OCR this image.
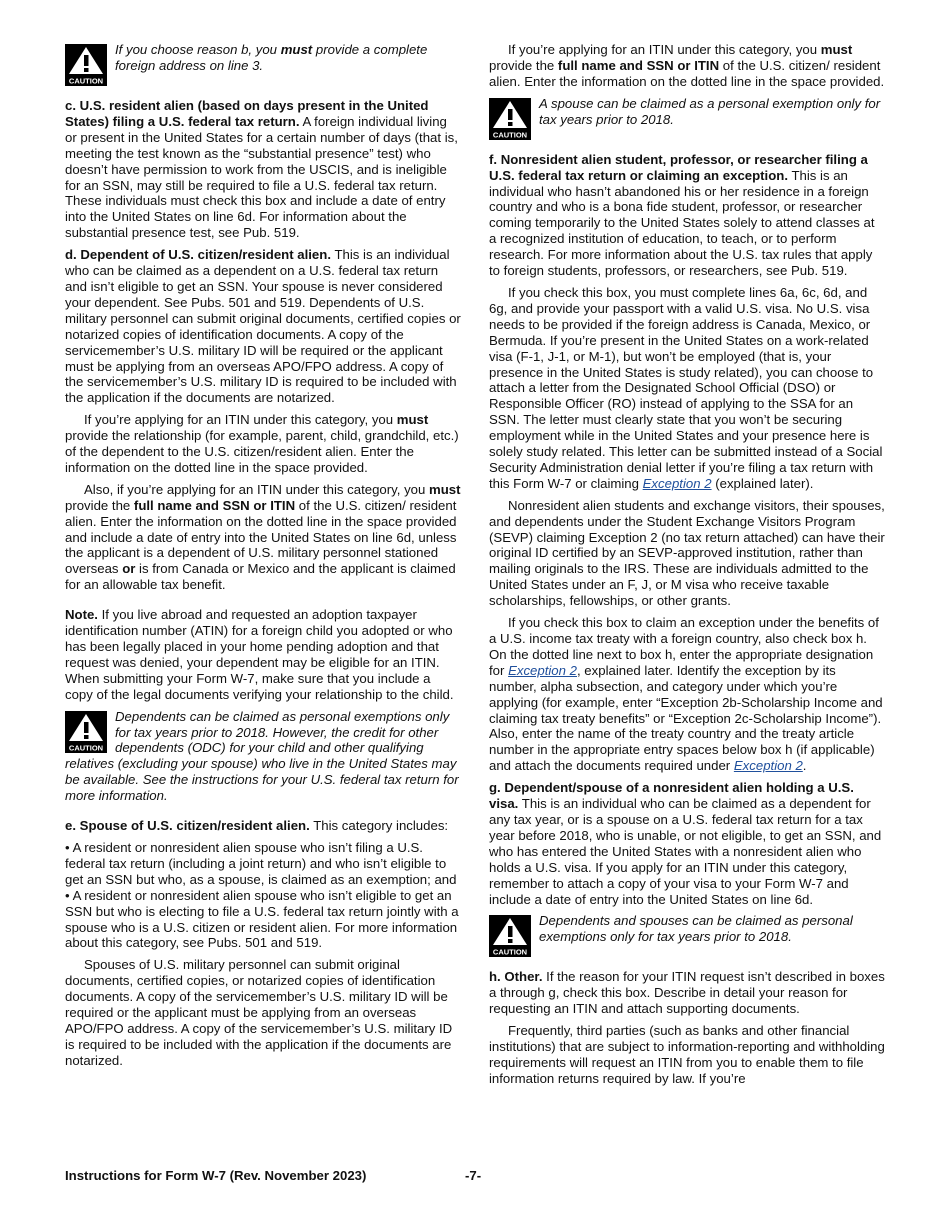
CAUTION
If you choose reason b, you must provide a complete foreign address on line 3.

c. U.S. resident alien (based on days present in the United States) filing a U.S. federal tax return. A foreign individual living or present in the United States for a certain number of days (that is, meeting the test known as the “substantial presence” test) who doesn’t have permission to work from the USCIS, and is ineligible for an SSN, may still be required to file a U.S. federal tax return. These individuals must check this box and include a date of entry into the United States on line 6d. For information about the substantial presence test, see Pub. 519.

d. Dependent of U.S. citizen/resident alien. This is an individual who can be claimed as a dependent on a U.S. federal tax return and isn’t eligible to get an SSN. Your spouse is never considered your dependent. See Pubs. 501 and 519. Dependents of U.S. military personnel can submit original documents, certified copies or notarized copies of identification documents. A copy of the servicemember’s U.S. military ID will be required or the applicant must be applying from an overseas APO/FPO address. A copy of the servicemember’s U.S. military ID is required to be included with the application if the documents are notarized.

If you’re applying for an ITIN under this category, you must provide the relationship (for example, parent, child, grandchild, etc.) of the dependent to the U.S. citizen/resident alien. Enter the information on the dotted line in the space provided.

Also, if you’re applying for an ITIN under this category, you must provide the full name and SSN or ITIN of the U.S. citizen/ resident alien. Enter the information on the dotted line in the space provided and include a date of entry into the United States on line 6d, unless the applicant is a dependent of U.S. military personnel stationed overseas or is from Canada or Mexico and the applicant is claimed for an allowable tax benefit.

Note. If you live abroad and requested an adoption taxpayer identification number (ATIN) for a foreign child you adopted or who has been legally placed in your home pending adoption and that request was denied, your dependent may be eligible for an ITIN. When submitting your Form W-7, make sure that you include a copy of the legal documents verifying your relationship to the child.

CAUTION
Dependents can be claimed as personal exemptions only for tax years prior to 2018. However, the credit for other dependents (ODC) for your child and other qualifying relatives (excluding your spouse) who live in the United States may be available. See the instructions for your U.S. federal tax return for more information.

e. Spouse of U.S. citizen/resident alien. This category includes:

• A resident or nonresident alien spouse who isn’t filing a U.S. federal tax return (including a joint return) and who isn’t eligible to get an SSN but who, as a spouse, is claimed as an exemption; and

• A resident or nonresident alien spouse who isn’t eligible to get an SSN but who is electing to file a U.S. federal tax return jointly with a spouse who is a U.S. citizen or resident alien. For more information about this category, see Pubs. 501 and 519.

Spouses of U.S. military personnel can submit original documents, certified copies, or notarized copies of identification documents. A copy of the servicemember’s U.S. military ID will be required or the applicant must be applying from an overseas APO/FPO address. A copy of the servicemember’s U.S. military ID is required to be included with the application if the documents are notarized.

If you’re applying for an ITIN under this category, you must provide the full name and SSN or ITIN of the U.S. citizen/ resident alien. Enter the information on the dotted line in the space provided.

CAUTION
A spouse can be claimed as a personal exemption only for tax years prior to 2018.

f. Nonresident alien student, professor, or researcher filing a U.S. federal tax return or claiming an exception. This is an individual who hasn’t abandoned his or her residence in a foreign country and who is a bona fide student, professor, or researcher coming temporarily to the United States solely to attend classes at a recognized institution of education, to teach, or to perform research. For more information about the U.S. tax rules that apply to foreign students, professors, or researchers, see Pub. 519.

If you check this box, you must complete lines 6a, 6c, 6d, and 6g, and provide your passport with a valid U.S. visa. No U.S. visa needs to be provided if the foreign address is Canada, Mexico, or Bermuda. If you’re present in the United States on a work-related visa (F-1, J-1, or M-1), but won’t be employed (that is, your presence in the United States is study related), you can choose to attach a letter from the Designated School Official (DSO) or Responsible Officer (RO) instead of applying to the SSA for an SSN. The letter must clearly state that you won’t be securing employment while in the United States and your presence here is solely study related. This letter can be submitted instead of a Social Security Administration denial letter if you’re filing a tax return with this Form W-7 or claiming Exception 2 (explained later).

Nonresident alien students and exchange visitors, their spouses, and dependents under the Student Exchange Visitors Program (SEVP) claiming Exception 2 (no tax return attached) can have their original ID certified by an SEVP-approved institution, rather than mailing originals to the IRS. These are individuals admitted to the United States under an F, J, or M visa who receive taxable scholarships, fellowships, or other grants.

If you check this box to claim an exception under the benefits of a U.S. income tax treaty with a foreign country, also check box h. On the dotted line next to box h, enter the appropriate designation for Exception 2, explained later. Identify the exception by its number, alpha subsection, and category under which you’re applying (for example, enter “Exception 2b-Scholarship Income and claiming tax treaty benefits” or “Exception 2c-Scholarship Income”). Also, enter the name of the treaty country and the treaty article number in the appropriate entry spaces below box h (if applicable) and attach the documents required under Exception 2.

g. Dependent/spouse of a nonresident alien holding a U.S. visa. This is an individual who can be claimed as a dependent for any tax year, or is a spouse on a U.S. federal tax return for a tax year before 2018, who is unable, or not eligible, to get an SSN, and who has entered the United States with a nonresident alien who holds a U.S. visa. If you apply for an ITIN under this category, remember to attach a copy of your visa to your Form W-7 and include a date of entry into the United States on line 6d.

CAUTION
Dependents and spouses can be claimed as personal exemptions only for tax years prior to 2018.

h. Other. If the reason for your ITIN request isn’t described in boxes a through g, check this box. Describe in detail your reason for requesting an ITIN and attach supporting documents.

Frequently, third parties (such as banks and other financial institutions) that are subject to information-reporting and withholding requirements will request an ITIN from you to enable them to file information returns required by law. If you’re

Instructions for Form W-7 (Rev. November 2023)	-7-
